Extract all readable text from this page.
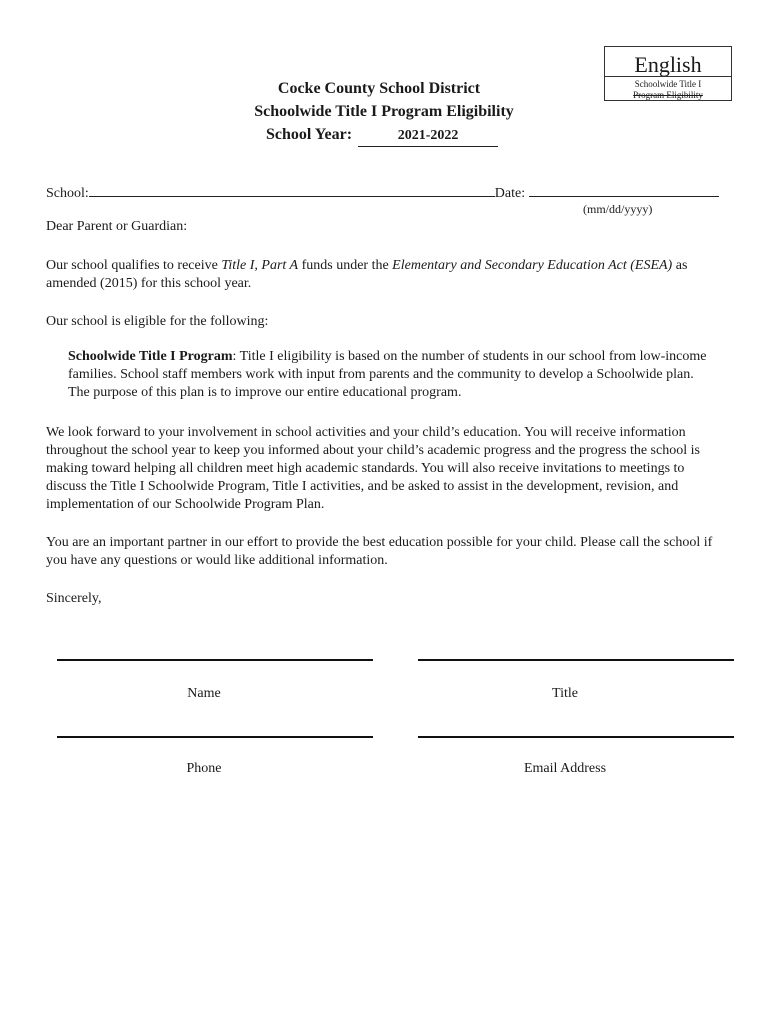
English
Schoolwide Title I
Program Eligibility
Cocke County School District
Schoolwide Title I Program Eligibility
School Year:	2021-2022
School:	Date:
(mm/dd/yyyy)
Dear Parent or Guardian:
Our school qualifies to receive Title I, Part A funds under the Elementary and Secondary Education Act (ESEA) as amended (2015) for this school year.
Our school is eligible for the following:
Schoolwide Title I Program: Title I eligibility is based on the number of students in our school from low-income families. School staff members work with input from parents and the community to develop a Schoolwide plan. The purpose of this plan is to improve our entire educational program.
We look forward to your involvement in school activities and your child’s education. You will receive information throughout the school year to keep you informed about your child’s academic progress and the progress the school is making toward helping all children meet high academic standards. You will also receive invitations to meetings to discuss the Title I Schoolwide Program, Title I activities, and be asked to assist in the development, revision, and implementation of our Schoolwide Program Plan.
You are an important partner in our effort to provide the best education possible for your child. Please call the school if you have any questions or would like additional information.
Sincerely,
Name	Title
Phone	Email Address
